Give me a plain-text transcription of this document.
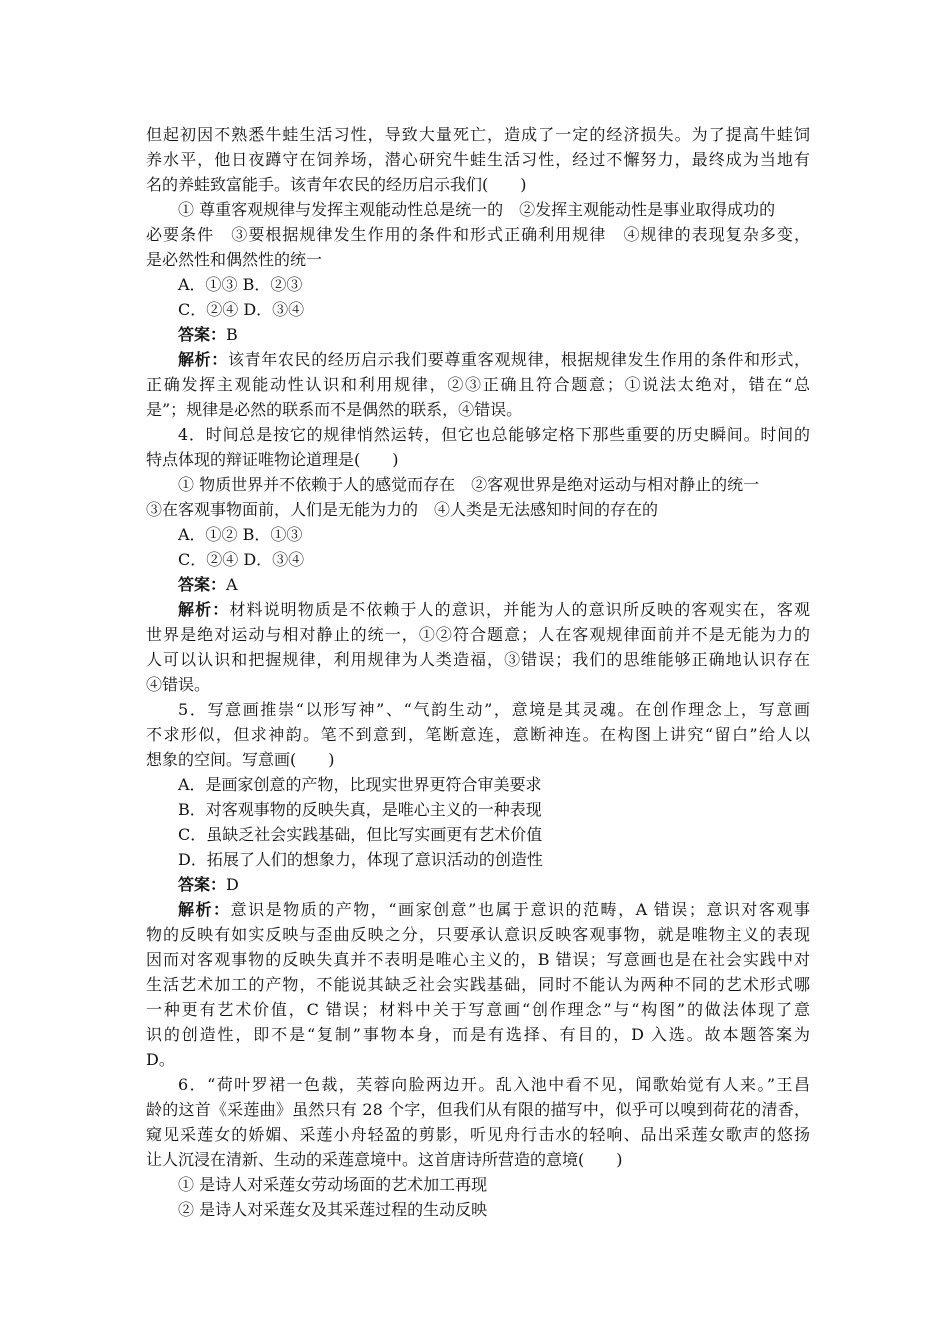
但起初因不熟悉牛蛙生活习性，导致大量死亡，造成了一定的经济损失。为了提高牛蛙饲
养水平，他日夜蹲守在饲养场，潜心研究牛蛙生活习性，经过不懈努力，最终成为当地有
名的养蛙致富能手。该青年农民的经历启示我们(　　)
① 尊重客观规律与发挥主观能动性总是统一的　②发挥主观能动性是事业取得成功的
必要条件　③要根据规律发生作用的条件和形式正确利用规律　④规律的表现复杂多变，
是必然性和偶然性的统一
A．①③ B．②③
C．②④ D．③④
答案：B
解析：该青年农民的经历启示我们要尊重客观规律，根据规律发生作用的条件和形式，
正确发挥主观能动性认识和利用规律，②③正确且符合题意；①说法太绝对，错在“总
是”；规律是必然的联系而不是偶然的联系，④错误。
4．时间总是按它的规律悄然运转，但它也总能够定格下那些重要的历史瞬间。时间的
特点体现的辩证唯物论道理是(　　)
① 物质世界并不依赖于人的感觉而存在　②客观世界是绝对运动与相对静止的统一
③在客观事物面前，人们是无能为力的　④人类是无法感知时间的存在的
A．①② B．①③
C．②④ D．③④
答案：A
解析：材料说明物质是不依赖于人的意识，并能为人的意识所反映的客观实在，客观
世界是绝对运动与相对静止的统一，①②符合题意；人在客观规律面前并不是无能为力的
人可以认识和把握规律，利用规律为人类造福，③错误；我们的思维能够正确地认识存在
④错误。
5．写意画推崇“以形写神”、“气韵生动”，意境是其灵魂。在创作理念上，写意画
不求形似，但求神韵。笔不到意到，笔断意连，意断神连。在构图上讲究“留白”给人以
想象的空间。写意画(　　)
A．是画家创意的产物，比现实世界更符合审美要求
B．对客观事物的反映失真，是唯心主义的一种表现
C．虽缺乏社会实践基础，但比写实画更有艺术价值
D．拓展了人们的想象力，体现了意识活动的创造性
答案：D
解析：意识是物质的产物，“画家创意”也属于意识的范畴，A 错误；意识对客观事
物的反映有如实反映与歪曲反映之分，只要承认意识反映客观事物，就是唯物主义的表现
因而对客观事物的反映失真并不表明是唯心主义的，B 错误；写意画也是在社会实践中对
生活艺术加工的产物，不能说其缺乏社会实践基础，同时不能认为两种不同的艺术形式哪
一种更有艺术价值，C 错误；材料中关于写意画“创作理念”与“构图”的做法体现了意
识的创造性，即不是“复制”事物本身，而是有选择、有目的，D 入选。故本题答案为
D。
6．“荷叶罗裙一色裁，芙蓉向脸两边开。乱入池中看不见，闻歌始觉有人来。”王昌
龄的这首《采莲曲》虽然只有 28 个字，但我们从有限的描写中，似乎可以嗅到荷花的清香，
窥见采莲女的娇媚、采莲小舟轻盈的剪影，听见舟行击水的轻响、品出采莲女歌声的悠扬
让人沉浸在清新、生动的采莲意境中。这首唐诗所营造的意境(　　)
① 是诗人对采莲女劳动场面的艺术加工再现
② 是诗人对采莲女及其采莲过程的生动反映
